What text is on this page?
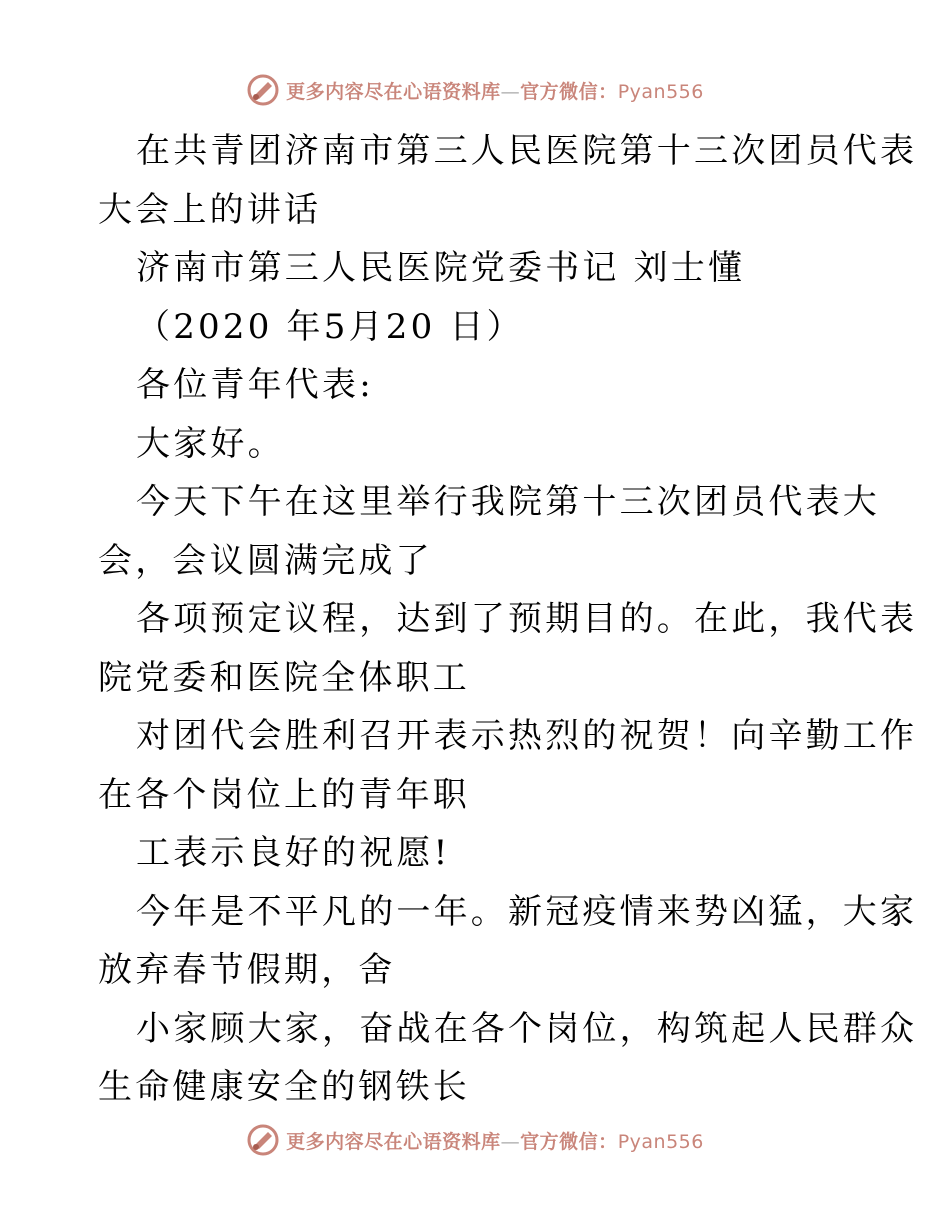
更多内容尽在心语资料库—官方微信：Pyan556
在共青团济南市第三人民医院第十三次团员代表
大会上的讲话
济南市第三人民医院党委书记 刘士懂
（2020 年5月20 日）
各位青年代表:
大家好。
今天下午在这里举行我院第十三次团员代表大
会，会议圆满完成了
各项预定议程，达到了预期目的。在此，我代表
院党委和医院全体职工
对团代会胜利召开表示热烈的祝贺！向辛勤工作
在各个岗位上的青年职
工表示良好的祝愿!
今年是不平凡的一年。新冠疫情来势凶猛，大家
放弃春节假期，舍
小家顾大家，奋战在各个岗位，构筑起人民群众
生命健康安全的钢铁长
更多内容尽在心语资料库—官方微信：Pyan556
